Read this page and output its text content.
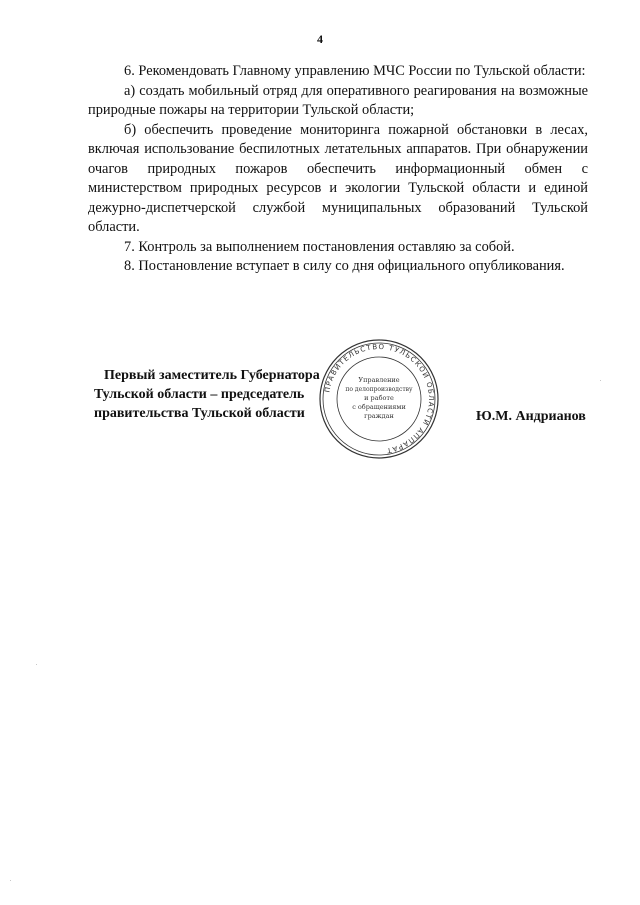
4

6. Рекомендовать Главному управлению МЧС России по Тульской области:

а) создать мобильный отряд для оперативного реагирования на возможные природные пожары на территории Тульской области;

б) обеспечить проведение мониторинга пожарной обстановки в лесах, включая использование беспилотных летательных аппаратов. При обнаружении очагов природных пожаров обеспечить информационный обмен с министерством природных ресурсов и экологии Тульской области и единой дежурно-диспетчерской службой муниципальных образований Тульской области.

7. Контроль за выполнением постановления оставляю за собой.

8. Постановление вступает в силу со дня официального опубликования.

Первый заместитель Губернатора
Тульской области – председатель
правительства Тульской области
ПРАВИТЕЛЬСТВО ТУЛЬСКОЙ ОБЛАСТИ АППАРАТ
Управление
по делопроизводству
и работе
с обращениями
граждан	Ю.М. Андрианов
